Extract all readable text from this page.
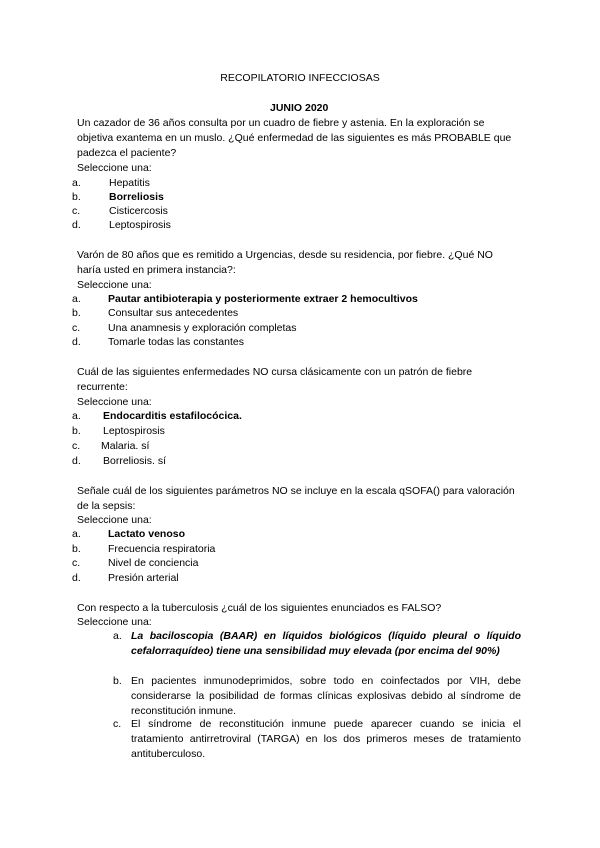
RECOPILATORIO INFECCIOSAS
JUNIO 2020
Un cazador de 36 años consulta por un cuadro de fiebre y astenia. En la exploración se objetiva exantema en un muslo. ¿Qué enfermedad de las siguientes es más PROBABLE que padezca el paciente?
Seleccione una:
a.	Hepatitis
b.	Borreliosis
c.	Cisticercosis
d.	Leptospirosis
Varón de 80 años que es remitido a Urgencias, desde su residencia, por fiebre. ¿Qué NO haría usted en primera instancia?:
Seleccione una:
a.	Pautar antibioterapia y posteriormente extraer 2 hemocultivos
b.	Consultar sus antecedentes
c.	Una anamnesis y exploración completas
d.	Tomarle todas las constantes
Cuál de las siguientes enfermedades NO cursa clásicamente con un patrón de fiebre recurrente:
Seleccione una:
a. Endocarditis estafilocócica.
b. Leptospirosis
c. Malaria. sí
d. Borreliosis. sí
Señale cuál de los siguientes parámetros NO se incluye en la escala qSOFA() para valoración de la sepsis:
Seleccione una:
a.	Lactato venoso
b.	Frecuencia respiratoria
c.	Nivel de conciencia
d.	Presión arterial
Con respecto a la tuberculosis ¿cuál de los siguientes enunciados es FALSO?
Seleccione una:
a. La baciloscopia (BAAR) en líquidos biológicos (líquido pleural o líquido cefalorraquídeo) tiene una sensibilidad muy elevada (por encima del 90%)
b. En pacientes inmunodeprimidos, sobre todo en coinfectados por VIH, debe considerarse la posibilidad de formas clínicas explosivas debido al síndrome de reconstitución inmune.
c. El síndrome de reconstitución inmune puede aparecer cuando se inicia el tratamiento antirretroviral (TARGA) en los dos primeros meses de tratamiento antituberculoso.
